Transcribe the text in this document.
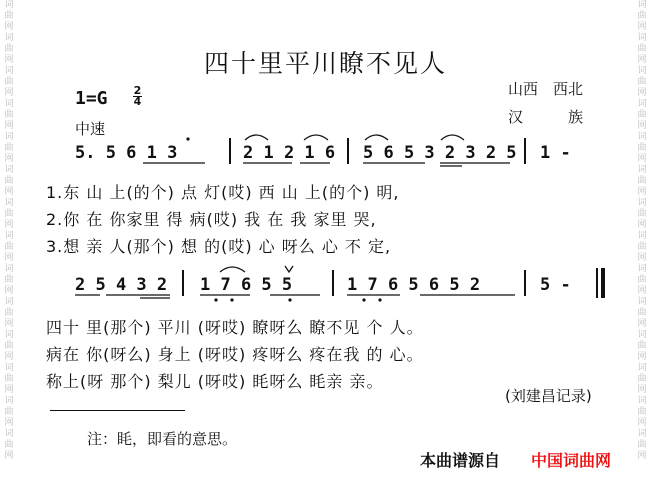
词
曲
网
词
曲
网
词
曲
网
词
曲
网
词
曲
网
词
曲
网
词
曲
网
词
曲
网
词
曲
网
词
曲
网
词
曲
网
词
曲
网
词
曲
网
词
曲
网
词
曲
网
词
曲
网
词
曲
网
词
曲
网
词
曲
网
词
曲
网
词
曲
网
词
曲
网
词
曲
网
词
曲
网
词
曲
网
词
曲
网
词
曲
网
词
曲
网
四十里平川瞭不见人
1=G 2
4
中速
山西　西北
汉　　　族
5. 5 6 1 3	2 1 2 1 6 5 6 5 3 2 3 2 5 1 -
1.东 山 上(的个) 点 灯(哎) 西 山 上(的个) 明,
2.你 在 你家里 得 病(哎) 我 在 我 家里 哭,
3.想 亲 人(那个) 想 的(哎) 心 呀么 心 不 定,
2 5 4 3 2 1 7 6 5 5	1 7 6 5 6 5 2	5 -
四十 里(那个) 平川 (呀哎) 瞭呀么 瞭不见 个 人。
病在 你(呀么) 身上 (呀哎) 疼呀么 疼在我 的 心。
称上(呀 那个) 梨儿 (呀哎) 眊呀么 眊亲 亲。
(刘建昌记录)
注：眊，即看的意思。
本曲谱源自 中国词曲网
